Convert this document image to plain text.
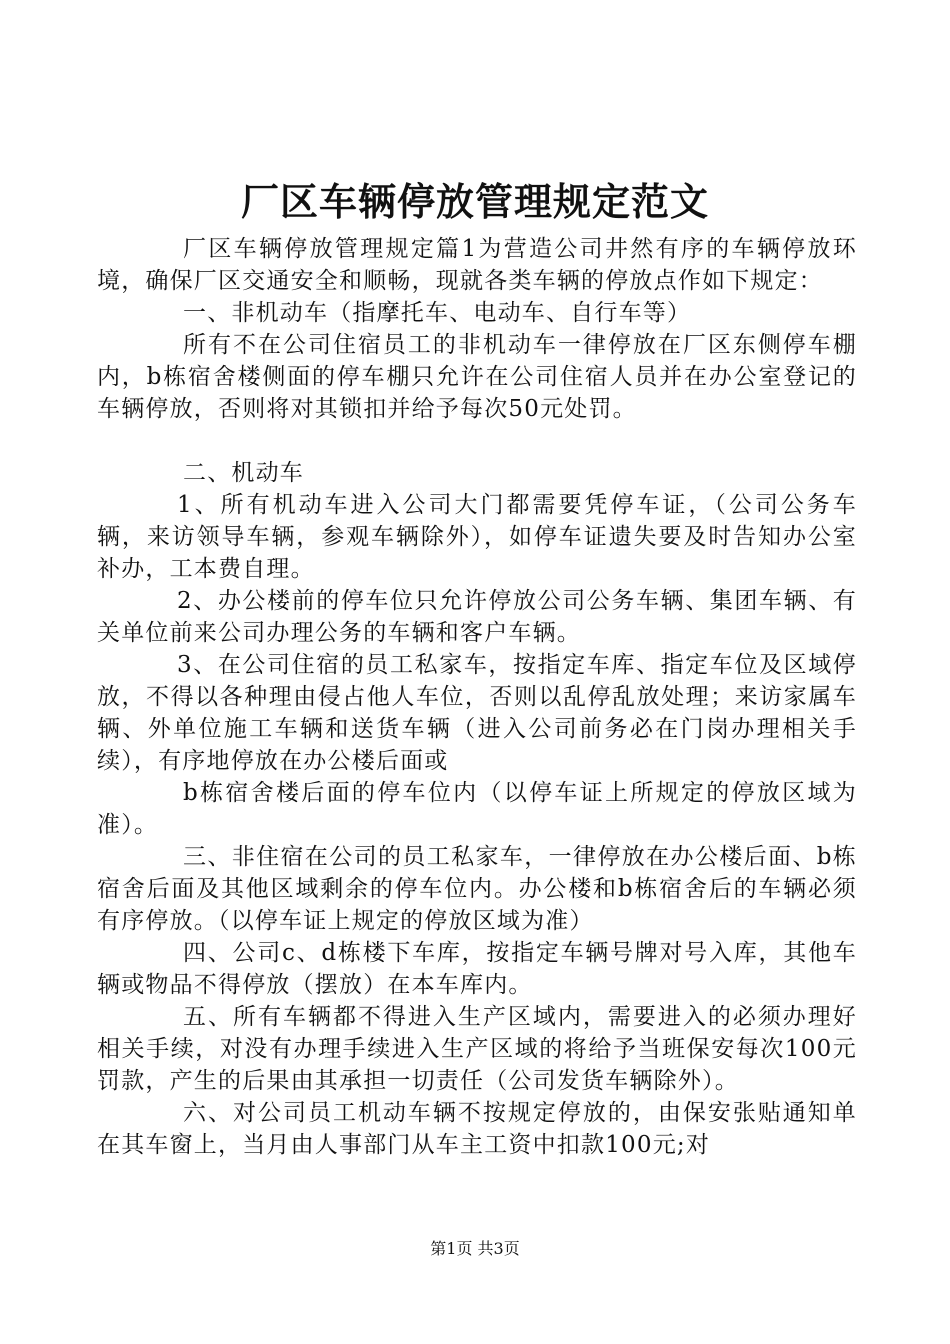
厂区车辆停放管理规定范文

厂区车辆停放管理规定篇1为营造公司井然有序的车辆停放环境，确保厂区交通安全和顺畅，现就各类车辆的停放点作如下规定：

一、非机动车（指摩托车、电动车、自行车等）

所有不在公司住宿员工的非机动车一律停放在厂区东侧停车棚内，b栋宿舍楼侧面的停车棚只允许在公司住宿人员并在办公室登记的车辆停放，否则将对其锁扣并给予每次50元处罚。

二、机动车

1、所有机动车进入公司大门都需要凭停车证，（公司公务车辆，来访领导车辆，参观车辆除外），如停车证遗失要及时告知办公室补办，工本费自理。

2、办公楼前的停车位只允许停放公司公务车辆、集团车辆、有关单位前来公司办理公务的车辆和客户车辆。

3、在公司住宿的员工私家车，按指定车库、指定车位及区域停放，不得以各种理由侵占他人车位，否则以乱停乱放处理；来访家属车辆、外单位施工车辆和送货车辆（进入公司前务必在门岗办理相关手续），有序地停放在办公楼后面或

b栋宿舍楼后面的停车位内（以停车证上所规定的停放区域为准）。

三、非住宿在公司的员工私家车，一律停放在办公楼后面、b栋宿舍后面及其他区域剩余的停车位内。办公楼和b栋宿舍后的车辆必须有序停放。（以停车证上规定的停放区域为准）

四、公司c、d栋楼下车库，按指定车辆号牌对号入库，其他车辆或物品不得停放（摆放）在本车库内。

五、所有车辆都不得进入生产区域内，需要进入的必须办理好相关手续，对没有办理手续进入生产区域的将给予当班保安每次100元罚款，产生的后果由其承担一切责任（公司发货车辆除外）。

六、对公司员工机动车辆不按规定停放的，由保安张贴通知单在其车窗上，当月由人事部门从车主工资中扣款100元;对

第1页 共3页
